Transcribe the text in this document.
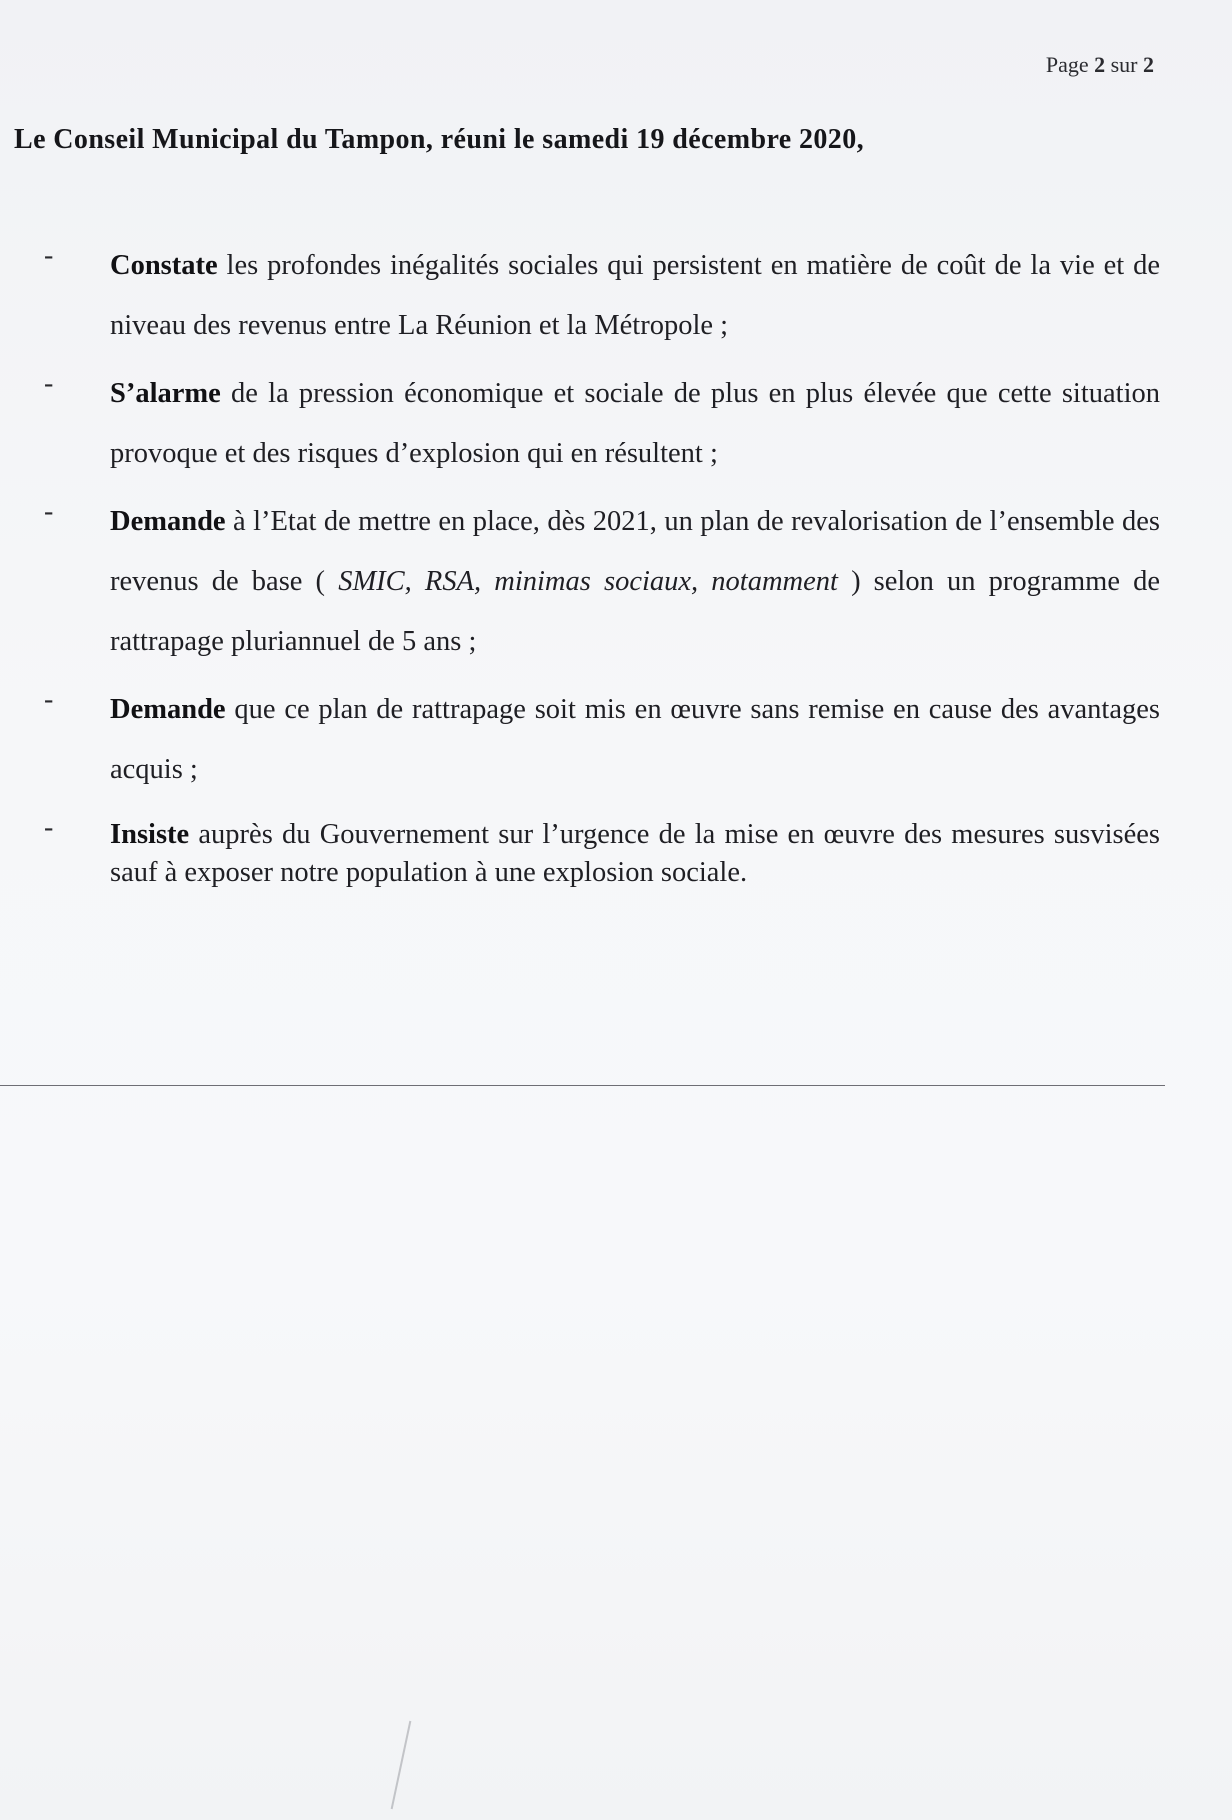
Page 2 sur 2
Le Conseil Municipal du Tampon, réuni le samedi 19 décembre 2020,
- Constate les profondes inégalités sociales qui persistent en matière de coût de la vie et de niveau des revenus entre La Réunion et la Métropole ;
- S’alarme de la pression économique et sociale de plus en plus élevée que cette situation provoque et des risques d’explosion qui en résultent ;
- Demande à l’Etat de mettre en place, dès 2021, un plan de revalorisation de l’ensemble des revenus de base ( SMIC, RSA, minimas sociaux, notamment ) selon un programme de rattrapage pluriannuel de 5 ans ;
- Demande que ce plan de rattrapage soit mis en œuvre sans remise en cause des avantages acquis ;
- Insiste auprès du Gouvernement sur l’urgence de la mise en œuvre des mesures susvisées sauf à exposer notre population à une explosion sociale.
